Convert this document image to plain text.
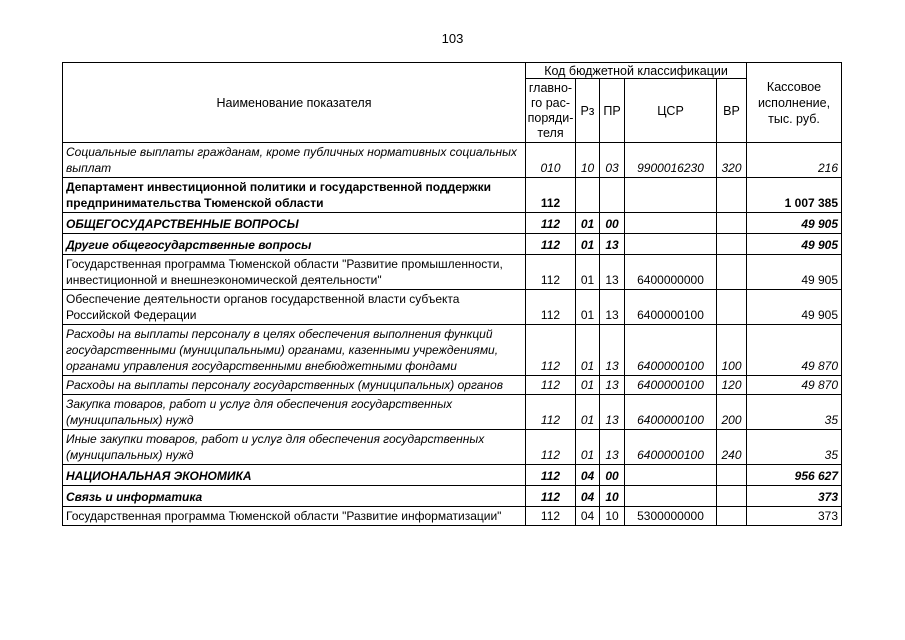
103
Наименование показателя	Код бюджетной классификации					Кассовое
исполнение,
тыс. руб.
	главно-
го рас-
поряди-
теля	Рз	ПР	ЦСР	ВР	
Социальные выплаты гражданам, кроме публичных нормативных социальных выплат	010	10	03	9900016230	320	216
Департамент инвестиционной политики и государственной поддержки предпринимательства Тюменской области	112					1 007 385
ОБЩЕГОСУДАРСТВЕННЫЕ ВОПРОСЫ	112	01	00			49 905
Другие общегосударственные вопросы	112	01	13			49 905
Государственная программа Тюменской области "Развитие промышленности, инвестиционной и внешнеэкономической деятельности"	112	01	13	6400000000		49 905
Обеспечение деятельности органов государственной власти субъекта Российской Федерации	112	01	13	6400000100		49 905
Расходы на выплаты персоналу в целях обеспечения выполнения функций государственными (муниципальными) органами, казенными учреждениями, органами управления государственными внебюджетными фондами	112	01	13	6400000100	100	49 870
Расходы на выплаты персоналу государственных (муниципальных) органов	112	01	13	6400000100	120	49 870
Закупка товаров, работ и услуг для обеспечения государственных (муниципальных) нужд	112	01	13	6400000100	200	35
Иные закупки товаров, работ и услуг для обеспечения государственных (муниципальных) нужд	112	01	13	6400000100	240	35
НАЦИОНАЛЬНАЯ ЭКОНОМИКА	112	04	00			956 627
Связь и информатика	112	04	10			373
Государственная программа Тюменской области "Развитие информатизации"	112	04	10	5300000000		373
